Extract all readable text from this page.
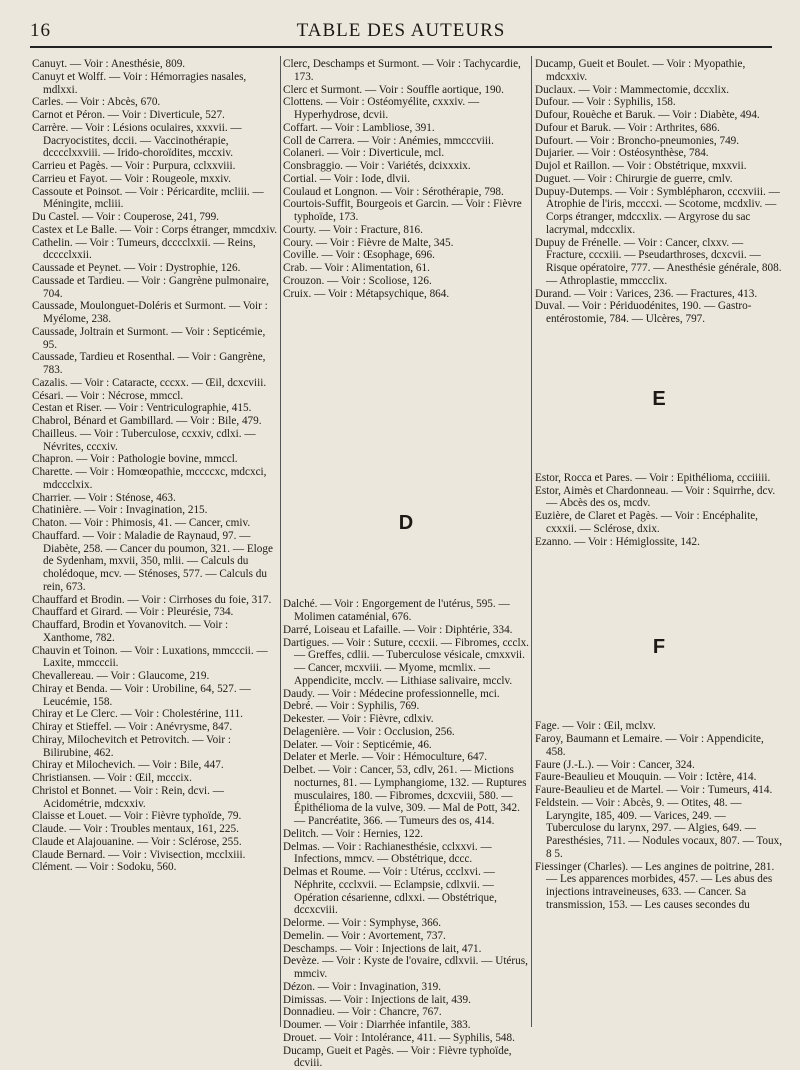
16	TABLE DES AUTEURS

Canuyt. — Voir : Anesthésie, 809.

Canuyt et Wolff. — Voir : Hémorragies nasales, mdlxxi.

Carles. — Voir : Abcès, 670.

Carnot et Péron. — Voir : Diverticule, 527.

Carrère. — Voir : Lésions oculaires, xxxvii. — Dacryocistites, dccii. — Vaccinothérapie, dcccclxxviii. — Irido-choroïdites, mccxiv.

Carrieu et Pagès. — Voir : Purpura, cclxxviii.

Carrieu et Fayot. — Voir : Rougeole, mxxiv.

Cassoute et Poinsot. — Voir : Péricardite, mcliii. — Méningite, mcliii.

Du Castel. — Voir : Couperose, 241, 799.

Castex et Le Balle. — Voir : Corps étranger, mmcdxiv.

Cathelin. — Voir : Tumeurs, dcccclxxii. — Reins, dcccclxxii.

Caussade et Peynet. — Voir : Dystrophie, 126.

Caussade et Tardieu. — Voir : Gangrène pulmonaire, 704.

Caussade, Moulonguet-Doléris et Surmont. — Voir : Myélome, 238.

Caussade, Joltrain et Surmont. — Voir : Septicémie, 95.

Caussade, Tardieu et Rosenthal. — Voir : Gangrène, 783.

Cazalis. — Voir : Cataracte, cccxx. — Œil, dcxcviii.

Césari. — Voir : Nécrose, mmccl.

Cestan et Riser. — Voir : Ventriculographie, 415.

Chabrol, Bénard et Gambillard. — Voir : Bile, 479.

Chailleus. — Voir : Tuberculose, ccxxiv, cdlxi. — Névrites, cccxiv.

Chapron. — Voir : Pathologie bovine, mmccl.

Charette. — Voir : Homœopathie, mccccxc, mdcxci, mdccclxix.

Charrier. — Voir : Sténose, 463.

Chatinière. — Voir : Invagination, 215.

Chaton. — Voir : Phimosis, 41. — Cancer, cmiv.

Chauffard. — Voir : Maladie de Raynaud, 97. — Diabète, 258. — Cancer du poumon, 321. — Eloge de Sydenham, mxvii, 350, mlii. — Calculs du cholédoque, mcv. — Sténoses, 577. — Calculs du rein, 673.

Chauffard et Brodin. — Voir : Cirrhoses du foie, 317.

Chauffard et Girard. — Voir : Pleurésie, 734.

Chauffard, Brodin et Yovanovitch. — Voir : Xanthome, 782.

Chauvin et Toinon. — Voir : Luxations, mmcccii. — Laxite, mmcccii.

Chevallereau. — Voir : Glaucome, 219.

Chiray et Benda. — Voir : Urobiline, 64, 527. — Leucémie, 158.

Chiray et Le Clerc. — Voir : Cholestérine, 111.

Chiray et Stieffel. — Voir : Anévrysme, 847.

Chiray, Milochevitch et Petrovitch. — Voir : Bilirubine, 462.

Chiray et Milochevich. — Voir : Bile, 447.

Christiansen. — Voir : Œil, mcccix.

Christol et Bonnet. — Voir : Rein, dcvi. — Acidométrie, mdcxxiv.

Claisse et Louet. — Voir : Fièvre typhoïde, 79.

Claude. — Voir : Troubles mentaux, 161, 225.

Claude et Alajouanine. — Voir : Sclérose, 255.

Claude Bernard. — Voir : Vivisection, mcclxiii.

Clément. — Voir : Sodoku, 560.

Clerc, Deschamps et Surmont. — Voir : Tachycardie, 173.

Clerc et Surmont. — Voir : Souffle aortique, 190.

Clottens. — Voir : Ostéomyélite, cxxxiv. — Hyperhydrose, dcvii.

Coffart. — Voir : Lambliose, 391.

Coll de Carrera. — Voir : Anémies, mmcccviii.

Colaneri. — Voir : Diverticule, mcl.

Consbraggio. — Voir : Variétés, dcixxxix.

Cortial. — Voir : Iode, dlvii.

Coulaud et Longnon. — Voir : Sérothérapie, 798.

Courtois-Suffit, Bourgeois et Garcin. — Voir : Fièvre typhoïde, 173.

Courty. — Voir : Fracture, 816.

Coury. — Voir : Fièvre de Malte, 345.

Coville. — Voir : Œsophage, 696.

Crab. — Voir : Alimentation, 61.

Crouzon. — Voir : Scoliose, 126.

Cruix. — Voir : Métapsychique, 864.

D

Dalché. — Voir : Engorgement de l'utérus, 595. — Molimen cataménial, 676.

Darré, Loiseau et Lafaille. — Voir : Diphtérie, 334.

Dartigues. — Voir : Suture, cccxii. — Fibromes, ccclx. — Greffes, cdlii. — Tuberculose vésicale, cmxxvii. — Cancer, mcxviii. — Myome, mcmlix. — Appendicite, mcclv. — Lithiase salivaire, mcclv.

Daudy. — Voir : Médecine professionnelle, mci.

Debré. — Voir : Syphilis, 769.

Dekester. — Voir : Fièvre, cdlxiv.

Delagenière. — Voir : Occlusion, 256.

Delater. — Voir : Septicémie, 46.

Delater et Merle. — Voir : Hémoculture, 647.

Delbet. — Voir : Cancer, 53, cdlv, 261. — Mictions nocturnes, 81. — Lymphangiome, 132. — Ruptures musculaires, 180. — Fibromes, dcxcviii, 580. — Épithélioma de la vulve, 309. — Mal de Pott, 342. — Pancréatite, 366. — Tumeurs des os, 414.

Delitch. — Voir : Hernies, 122.

Delmas. — Voir : Rachianesthésie, cclxxvi. — Infections, mmcv. — Obstétrique, dccc.

Delmas et Roume. — Voir : Utérus, ccclxvi. — Néphrite, ccclxvii. — Eclampsie, cdlxvii. — Opération césarienne, cdlxxi. — Obstétrique, dccxcviii.

Delorme. — Voir : Symphyse, 366.

Demelin. — Voir : Avortement, 737.

Deschamps. — Voir : Injections de lait, 471.

Devèze. — Voir : Kyste de l'ovaire, cdlxvii. — Utérus, mmciv.

Dézon. — Voir : Invagination, 319.

Dimissas. — Voir : Injections de lait, 439.

Donnadieu. — Voir : Chancre, 767.

Doumer. — Voir : Diarrhée infantile, 383.

Drouet. — Voir : Intolérance, 411. — Syphilis, 548.

Ducamp, Gueit et Pagès. — Voir : Fièvre typhoïde, dcviii.

Ducamp, Gueit et Boulet. — Voir : Myopathie, mdcxxiv.

Duclaux. — Voir : Mammectomie, dccxlix.

Dufour. — Voir : Syphilis, 158.

Dufour, Rouèche et Baruk. — Voir : Diabète, 494.

Dufour et Baruk. — Voir : Arthrites, 686.

Dufourt. — Voir : Broncho-pneumonies, 749.

Dujarier. — Voir : Ostéosynthèse, 784.

Dujol et Raillon. — Voir : Obstétrique, mxxvii.

Duguet. — Voir : Chirurgie de guerre, cmlv.

Dupuy-Dutemps. — Voir : Symblépharon, cccxviii. — Atrophie de l'iris, mcccxi. — Scotome, mcdxliv. — Corps étranger, mdccxlix. — Argyrose du sac lacrymal, mdccxlix.

Dupuy de Frénelle. — Voir : Cancer, clxxv. — Fracture, cccxiii. — Pseudarthroses, dcxcvii. — Risque opératoire, 777. — Anesthésie générale, 808. — Athroplastie, mmccclix.

Durand. — Voir : Varices, 236. — Fractures, 413.

Duval. — Voir : Périduodénites, 190. — Gastro-entérostomie, 784. — Ulcères, 797.

E

Estor, Rocca et Pares. — Voir : Epithélioma, ccciiiii.

Estor, Aimès et Chardonneau. — Voir : Squirrhe, dcv. — Abcès des os, mcdv.

Euzière, de Claret et Pagès. — Voir : Encéphalite, cxxxii. — Sclérose, dxix.

Ezanno. — Voir : Hémiglossite, 142.

F

Fage. — Voir : Œil, mclxv.

Faroy, Baumann et Lemaire. — Voir : Appendicite, 458.

Faure (J.-L.). — Voir : Cancer, 324.

Faure-Beaulieu et Mouquin. — Voir : Ictère, 414.

Faure-Beaulieu et de Martel. — Voir : Tumeurs, 414.

Feldstein. — Voir : Abcès, 9. — Otites, 48. — Laryngite, 185, 409. — Varices, 249. — Tuberculose du larynx, 297. — Algies, 649. — Paresthésies, 711. — Nodules vocaux, 807. — Toux, 8 5.

Fiessinger (Charles). — Les angines de poitrine, 281. — Les apparences morbides, 457. — Les abus des injections intraveineuses, 633. — Cancer. Sa transmission, 153. — Les causes secondes du
